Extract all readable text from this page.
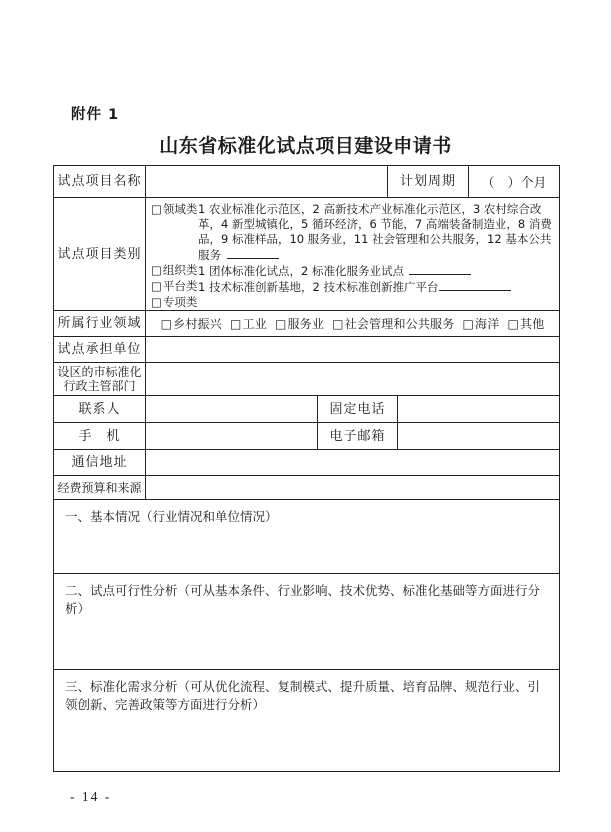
附件 1
山东省标准化试点项目建设申请书
试点项目名称			计划周期		（　）个月
试点项目类别	
□领域类 1 农业标准化示范区，2 高新技术产业标准化示范区，3 农村综合改革，4 新型城镇化，5 循环经济，6 节能，7 高端装备制造业，8 消费品，9 标准样品，10 服务业，11 社会管理和公共服务，12 基本公共服务
□组织类 1 团体标准化试点，2 标准化服务业试点
□平台类 1 技术标准创新基地，2 技术标准创新推广平台
□专项类

所属行业领域	□乡村振兴 □工业 □服务业 □社会管理和公共服务 □海洋 □其他				
试点承担单位					

设区的市标准化
行政主管部门					

联系人		固定电话			
手　机		电子邮箱			
通信地址					
经费预算和来源					
一、基本情况（行业情况和单位情况）					
二、试点可行性分析（可从基本条件、行业影响、技术优势、标准化基础等方面进行分析）					
三、标准化需求分析（可从优化流程、复制模式、提升质量、培育品牌、规范行业、引领创新、完善政策等方面进行分析）					
- 14 -
